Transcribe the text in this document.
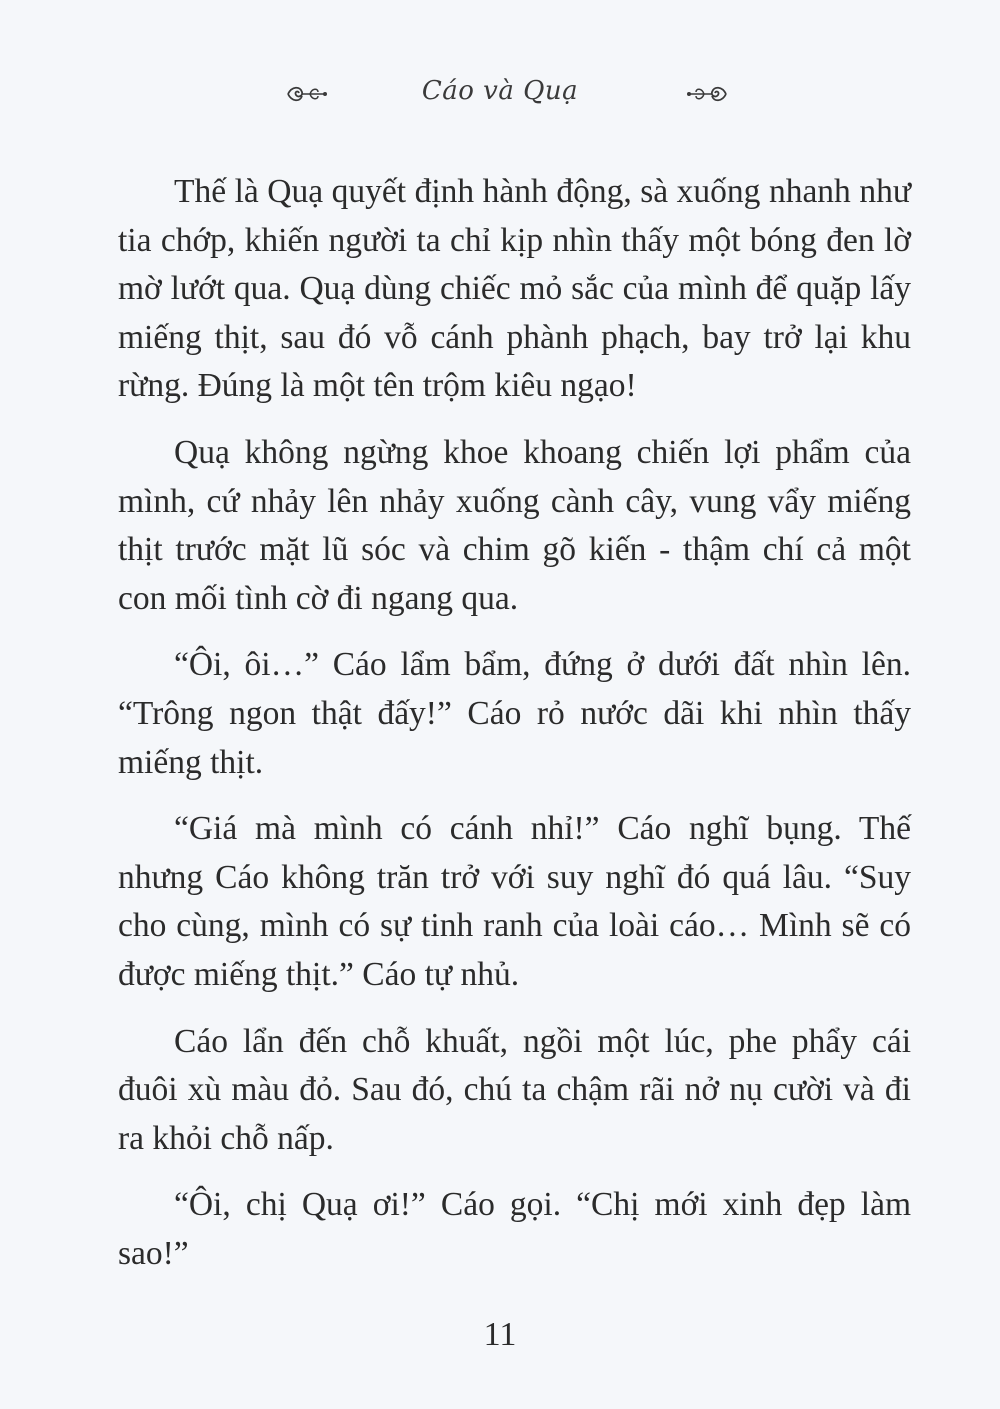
Cáo và Quạ

Thế là Quạ quyết định hành động, sà xuống nhanh như tia chớp, khiến người ta chỉ kịp nhìn thấy một bóng đen lờ mờ lướt qua. Quạ dùng chiếc mỏ sắc của mình để quặp lấy miếng thịt, sau đó vỗ cánh phành phạch, bay trở lại khu rừng. Đúng là một tên trộm kiêu ngạo!

Quạ không ngừng khoe khoang chiến lợi phẩm của mình, cứ nhảy lên nhảy xuống cành cây, vung vẩy miếng thịt trước mặt lũ sóc và chim gõ kiến - thậm chí cả một con mối tình cờ đi ngang qua.

“Ôi, ôi…” Cáo lẩm bẩm, đứng ở dưới đất nhìn lên. “Trông ngon thật đấy!” Cáo rỏ nước dãi khi nhìn thấy miếng thịt.

“Giá mà mình có cánh nhỉ!” Cáo nghĩ bụng. Thế nhưng Cáo không trăn trở với suy nghĩ đó quá lâu. “Suy cho cùng, mình có sự tinh ranh của loài cáo… Mình sẽ có được miếng thịt.” Cáo tự nhủ.

Cáo lẩn đến chỗ khuất, ngồi một lúc, phe phẩy cái đuôi xù màu đỏ. Sau đó, chú ta chậm rãi nở nụ cười và đi ra khỏi chỗ nấp.

“Ôi, chị Quạ ơi!” Cáo gọi. “Chị mới xinh đẹp làm sao!”

11
